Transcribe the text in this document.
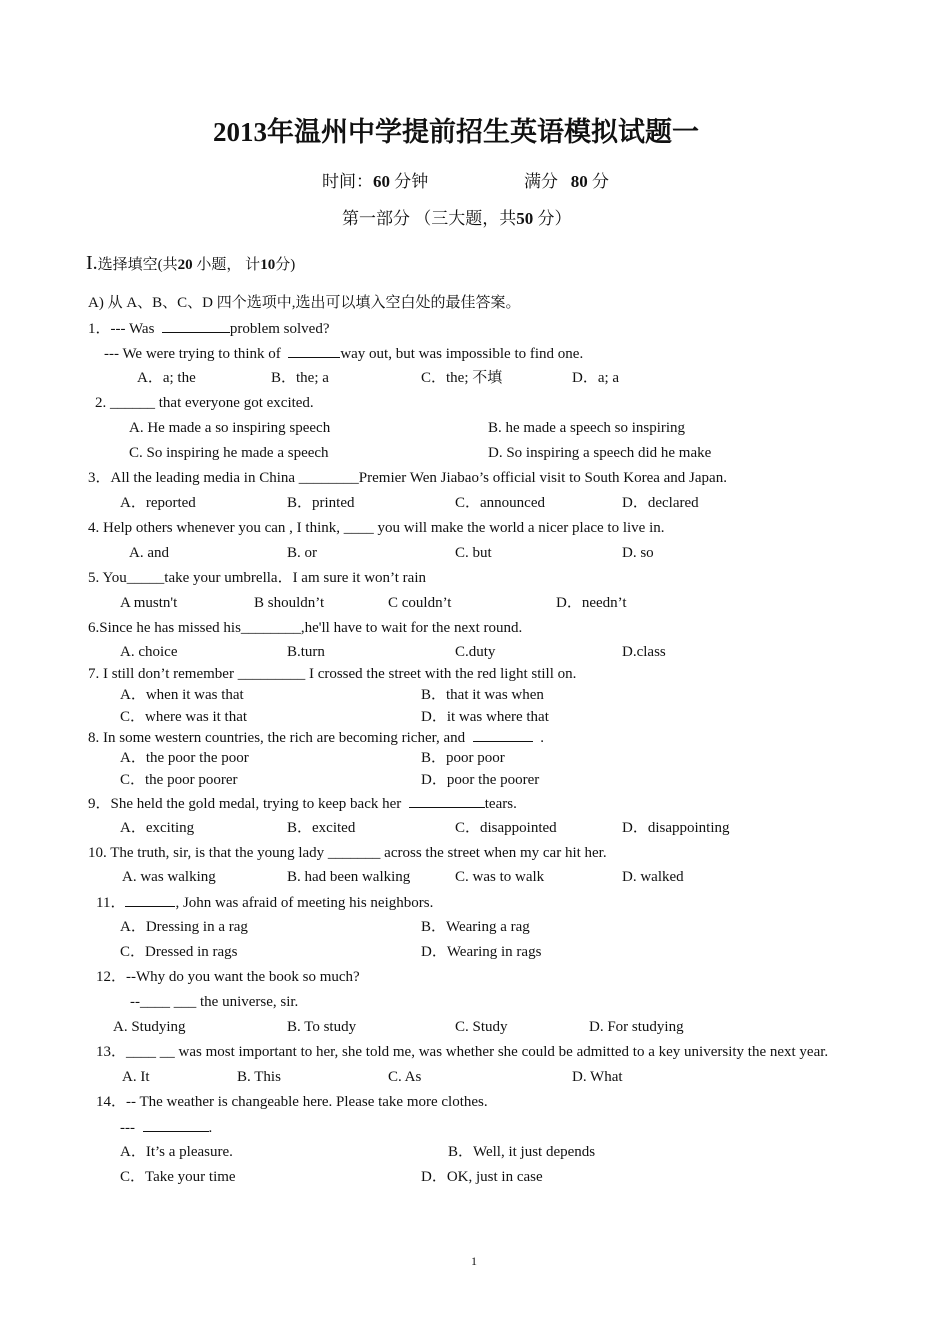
2013年温州中学提前招生英语模拟试题一
时间：60 分钟	满分 80 分
第一部分 （三大题，共50 分）
I.选择填空(共20 小题， 计10分)
A) 从 A、B、C、D 四个选项中,选出可以填入空白处的最佳答案。
1．--- Was	problem solved?
--- We were trying to think of	way out, but was impossible to find one.
A．a; the	B．the; a	C．the; 不填	D．a; a
2. ______ that everyone got excited.
A. He made a so inspiring speech	B. he made a speech so inspiring
C. So inspiring he made a speech	D. So inspiring a speech did he make
3．All the leading media in China ________Premier Wen Jiabao’s official visit to South Korea and Japan.
A．reported	B．printed	C．announced	D．declared
4. Help others whenever you can , I think, ____ you will make the world a nicer place to live in.
A. and	B. or	C. but	D. so
5. You_____take your umbrella．I am sure it won’t rain
A mustn't	B shouldn’t	C couldn’t	D．needn’t
6.Since he has missed his________,he'll have to wait for the next round.
A. choice	B.turn	C.duty	D.class
7. I still don’t remember _________ I crossed the street with the red light still on.
A．when it was that	B．that it was when
C．where was it that	D．it was where that
8. In some western countries, the rich are becoming richer, and	.
A．the poor the poor	B．poor poor
C．the poor poorer	D．poor the poorer
9．She held the gold medal, trying to keep back her	tears.
A．exciting	B．excited	C．disappointed	D．disappointing
10. The truth, sir, is that the young lady _______ across the street when my car hit her.
A. was walking	B. had been walking	C. was to walk	D. walked
11．	, John was afraid of meeting his neighbors.
A．Dressing in a rag	B．Wearing a rag
C．Dressed in rags	D．Wearing in rags
12．--Why do you want the book so much?
--____ ___ the universe, sir.
A. Studying	B. To study	C. Study	D. For studying
13．____ __ was most important to her, she told me, was whether she could be admitted to a key university the next year.
A. It	B. This	C. As	D. What
14．-- The weather is changeable here. Please take more clothes.
---	.
A．It’s a pleasure.	B．Well, it just depends
C．Take your time	D．OK, just in case
1
